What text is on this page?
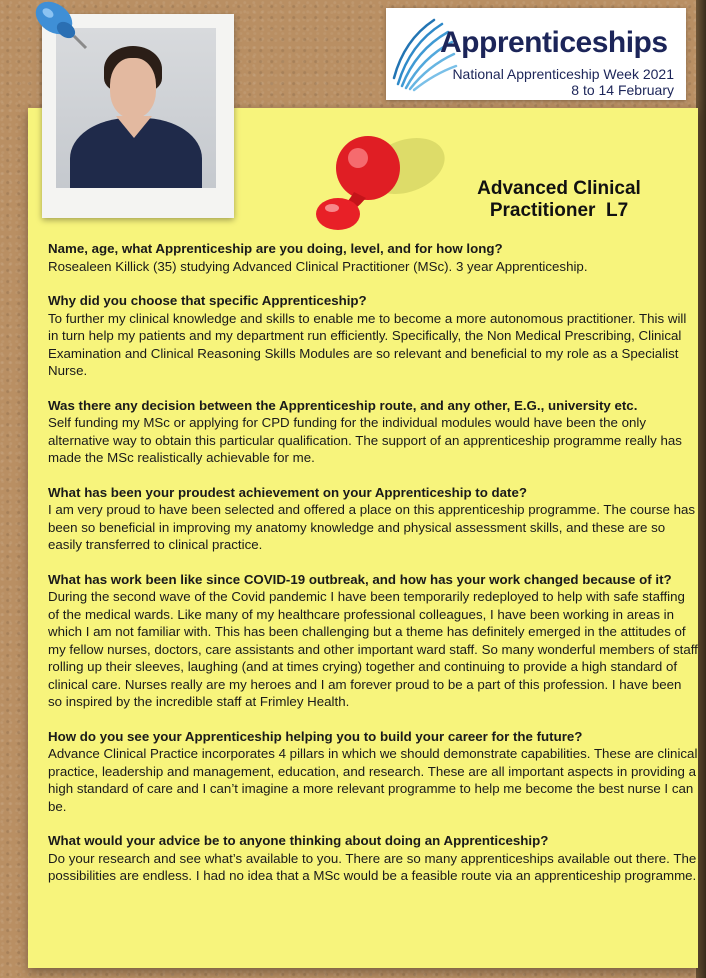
Apprenticeships
National Apprenticeship Week 2021
8 to 14 February
Advanced Clinical
Practitioner  L7

Name, age, what Apprenticeship are you doing, level, and for how long?

Rosealeen Killick (35) studying Advanced Clinical Practitioner (MSc). 3 year Apprenticeship.

Why did you choose that specific Apprenticeship?

To further my clinical knowledge and skills to enable me to become a more autonomous practitioner. This will in turn help my patients and my department run efficiently. Specifically, the Non Medical Prescribing, Clinical Examination and Clinical Reasoning Skills Modules are so relevant and beneficial to my role as a Specialist Nurse.

Was there any decision between the Apprenticeship route, and any other, E.G., university etc.

Self funding my MSc or applying for CPD funding for the individual modules would have been the only alternative way to obtain this particular qualification. The support of an apprenticeship programme really has made the MSc realistically achievable for me.

What has been your proudest achievement on your Apprenticeship to date?

I am very proud to have been selected and offered a place on this apprenticeship programme. The course has been so beneficial in improving my anatomy knowledge and physical assessment skills, and these are so easily transferred to clinical practice.

What has work been like since COVID-19 outbreak, and how has your work changed because of it?

During the second wave of the Covid pandemic I have been temporarily redeployed to help with safe staffing of the medical wards. Like many of my healthcare professional colleagues, I have been working in areas in which I am not familiar with. This has been challenging but a theme has definitely emerged in the attitudes of my fellow nurses, doctors, care assistants and other important ward staff. So many wonderful members of staff rolling up their sleeves, laughing (and at times crying) together and continuing to provide a high standard of clinical care. Nurses really are my heroes and I am forever proud to be a part of this profession. I have been so inspired by the incredible staff at Frimley Health.

How do you see your Apprenticeship helping you to build your career for the future?

Advance Clinical Practice incorporates 4 pillars in which we should demonstrate capabilities. These are clinical practice, leadership and management, education, and research. These are all important aspects in providing a high standard of care and I can’t imagine a more relevant programme to help me become the best nurse I can be.

What would your advice be to anyone thinking about doing an Apprenticeship?

Do your research and see what’s available to you. There are so many apprenticeships available out there. The possibilities are endless. I had no idea that a MSc would be a feasible route via an apprenticeship programme.
